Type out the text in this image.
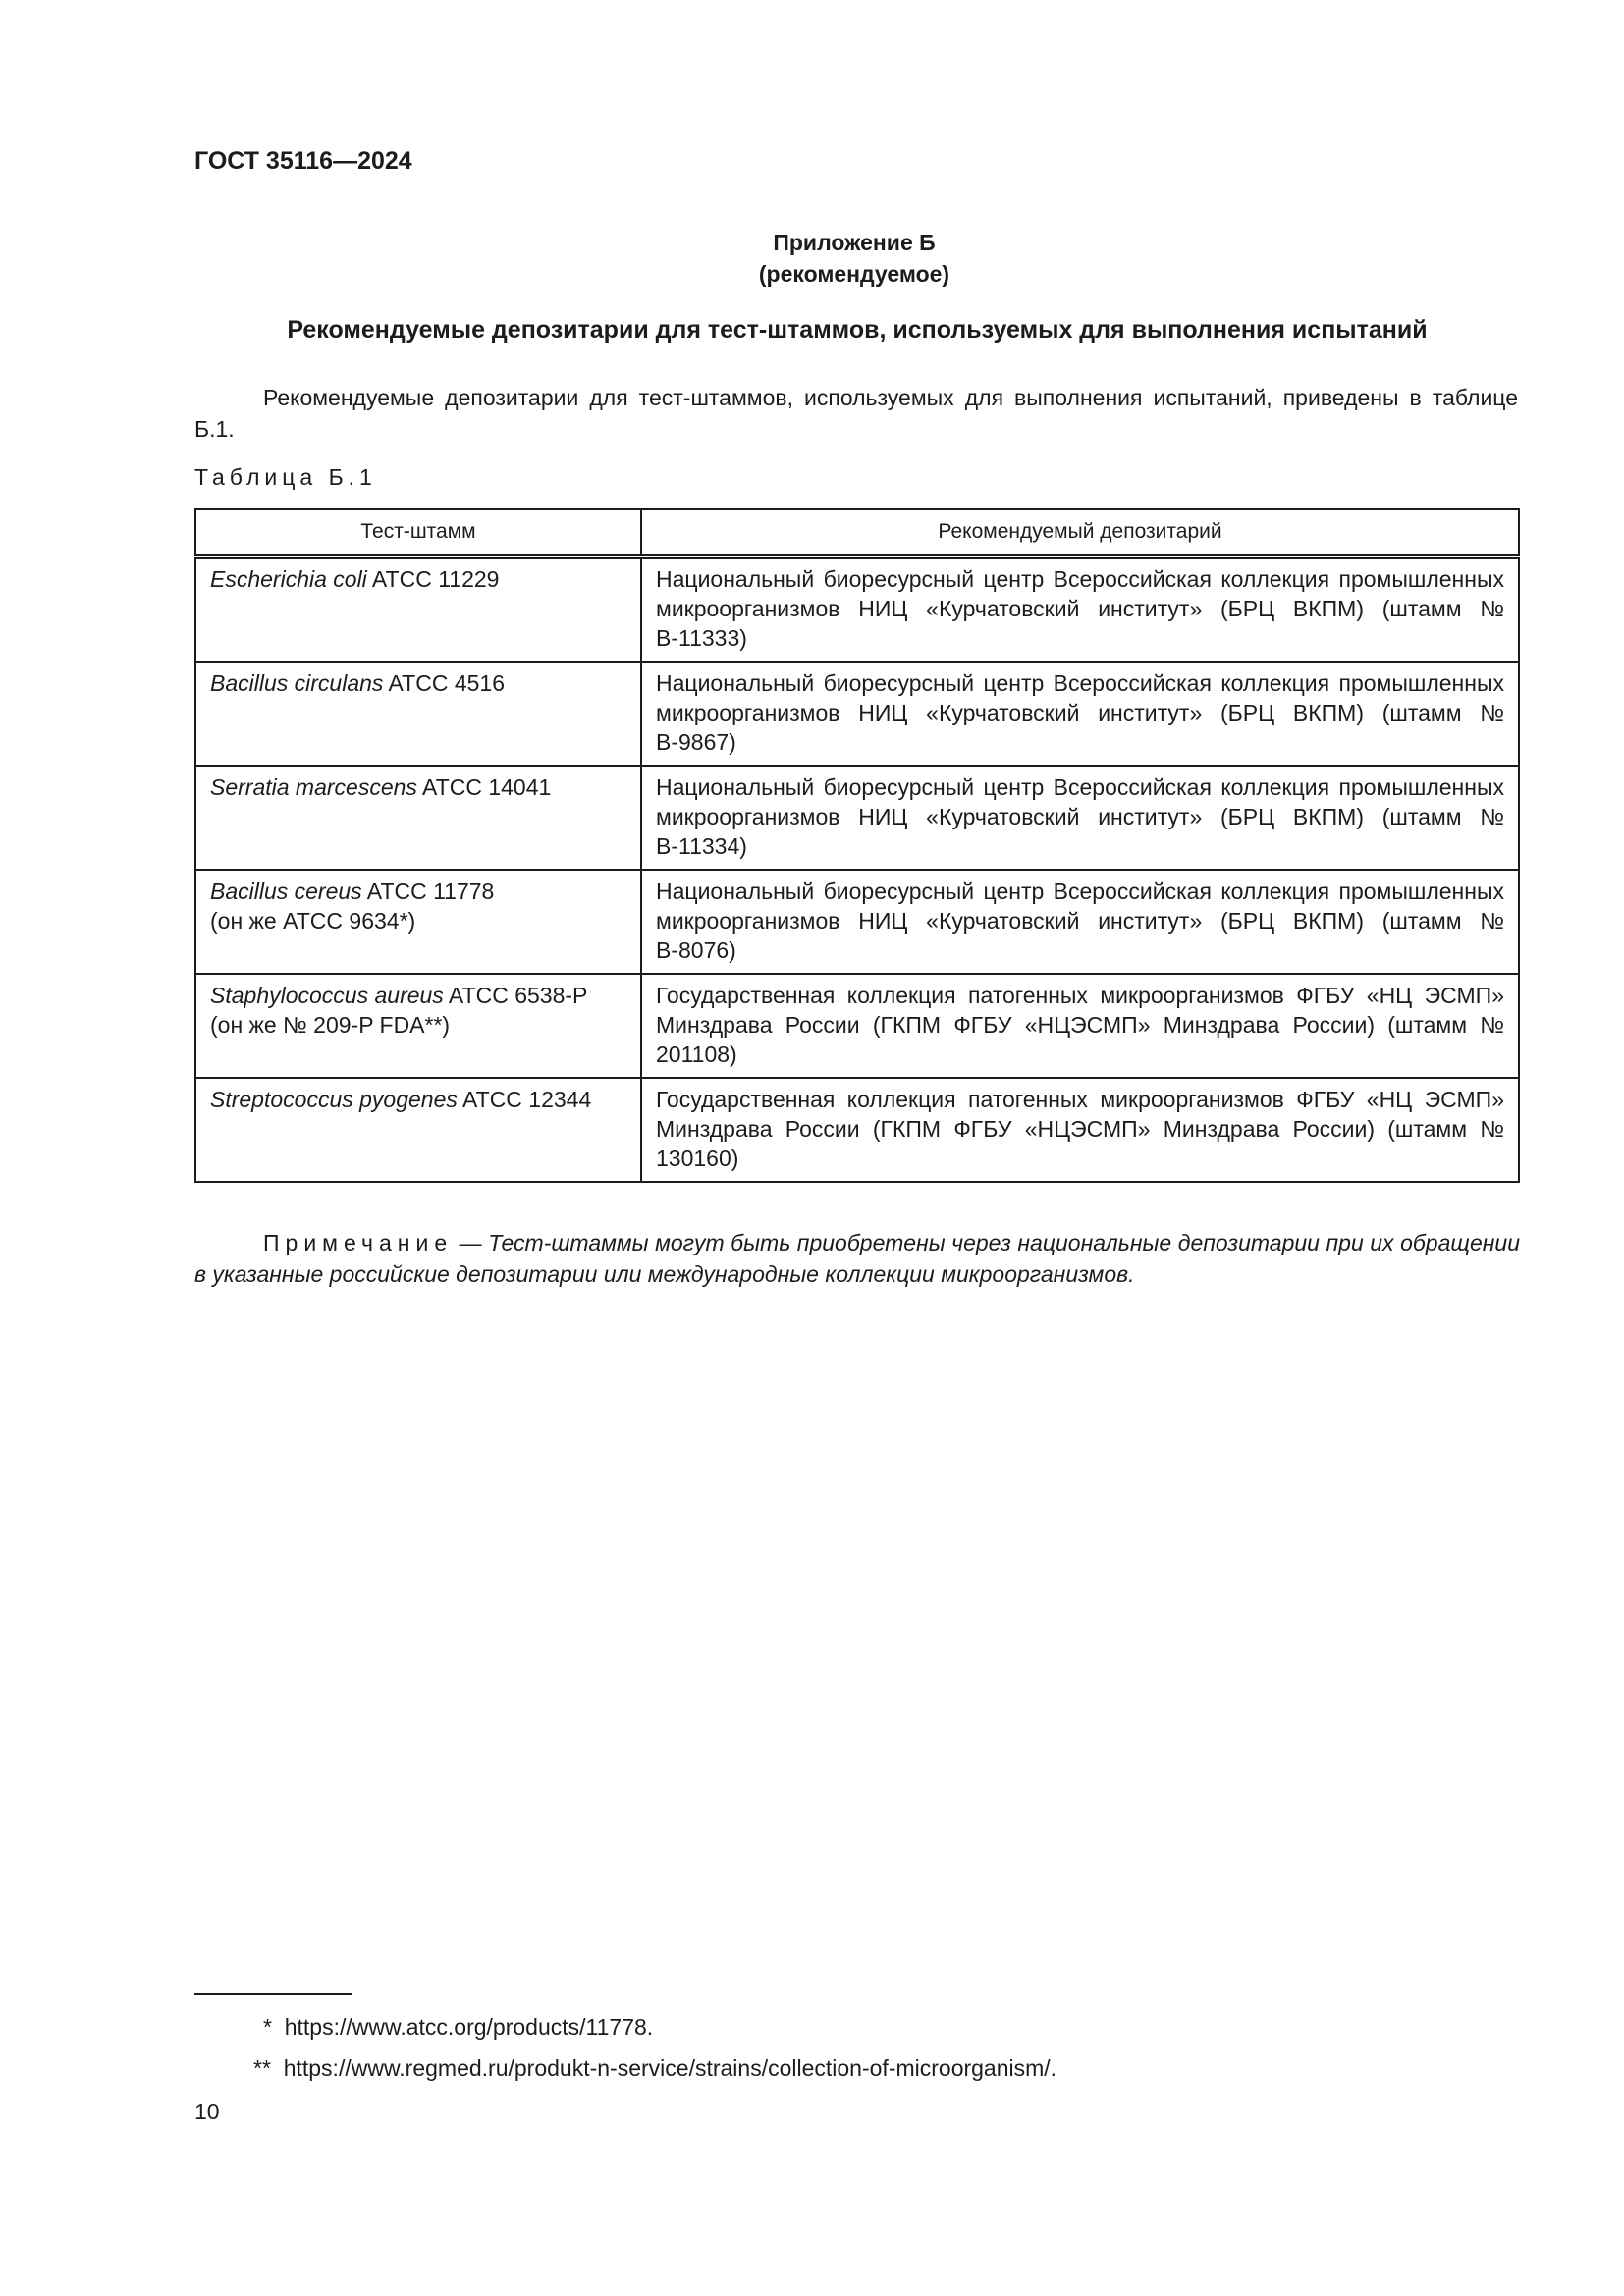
ГОСТ 35116—2024
Приложение Б
(рекомендуемое)
Рекомендуемые депозитарии для тест-штаммов, используемых для выполнения испытаний
Рекомендуемые депозитарии для тест-штаммов, используемых для выполнения испытаний, приведены в таблице Б.1.
Таблица Б.1
Тест-штамм	Рекомендуемый депозитарий
Escherichia coli ATCC 11229	Национальный биоресурсный центр Всероссийская коллекция промышленных микроорганизмов НИЦ «Курчатовский институт» (БРЦ ВКПМ) (штамм № В-11333)
Bacillus circulans ATCC 4516	Национальный биоресурсный центр Всероссийская коллекция промышленных микроорганизмов НИЦ «Курчатовский институт» (БРЦ ВКПМ) (штамм № В-9867)
Serratia marcescens ATCC 14041	Национальный биоресурсный центр Всероссийская коллекция промышленных микроорганизмов НИЦ «Курчатовский институт» (БРЦ ВКПМ) (штамм № В-11334)
Bacillus cereus ATCC 11778
(он же ATCC 9634*)	Национальный биоресурсный центр Всероссийская коллекция промышленных микроорганизмов НИЦ «Курчатовский институт» (БРЦ ВКПМ) (штамм № В-8076)
Staphylococcus aureus ATCC 6538-P
(он же № 209-P FDA**)	Государственная коллекция патогенных микроорганизмов ФГБУ «НЦ ЭСМП» Минздрава России (ГКПМ ФГБУ «НЦЭСМП» Минздрава России) (штамм № 201108)
Streptococcus pyogenes ATCC 12344	Государственная коллекция патогенных микроорганизмов ФГБУ «НЦ ЭСМП» Минздрава России (ГКПМ ФГБУ «НЦЭСМП» Минздрава России) (штамм № 130160)
Примечание — Тест-штаммы могут быть приобретены через национальные депозитарии при их обращении в указанные российские депозитарии или международные коллекции микроорганизмов.
* https://www.atcc.org/products/11778.
** https://www.regmed.ru/produkt-n-service/strains/collection-of-microorganism/.
10
